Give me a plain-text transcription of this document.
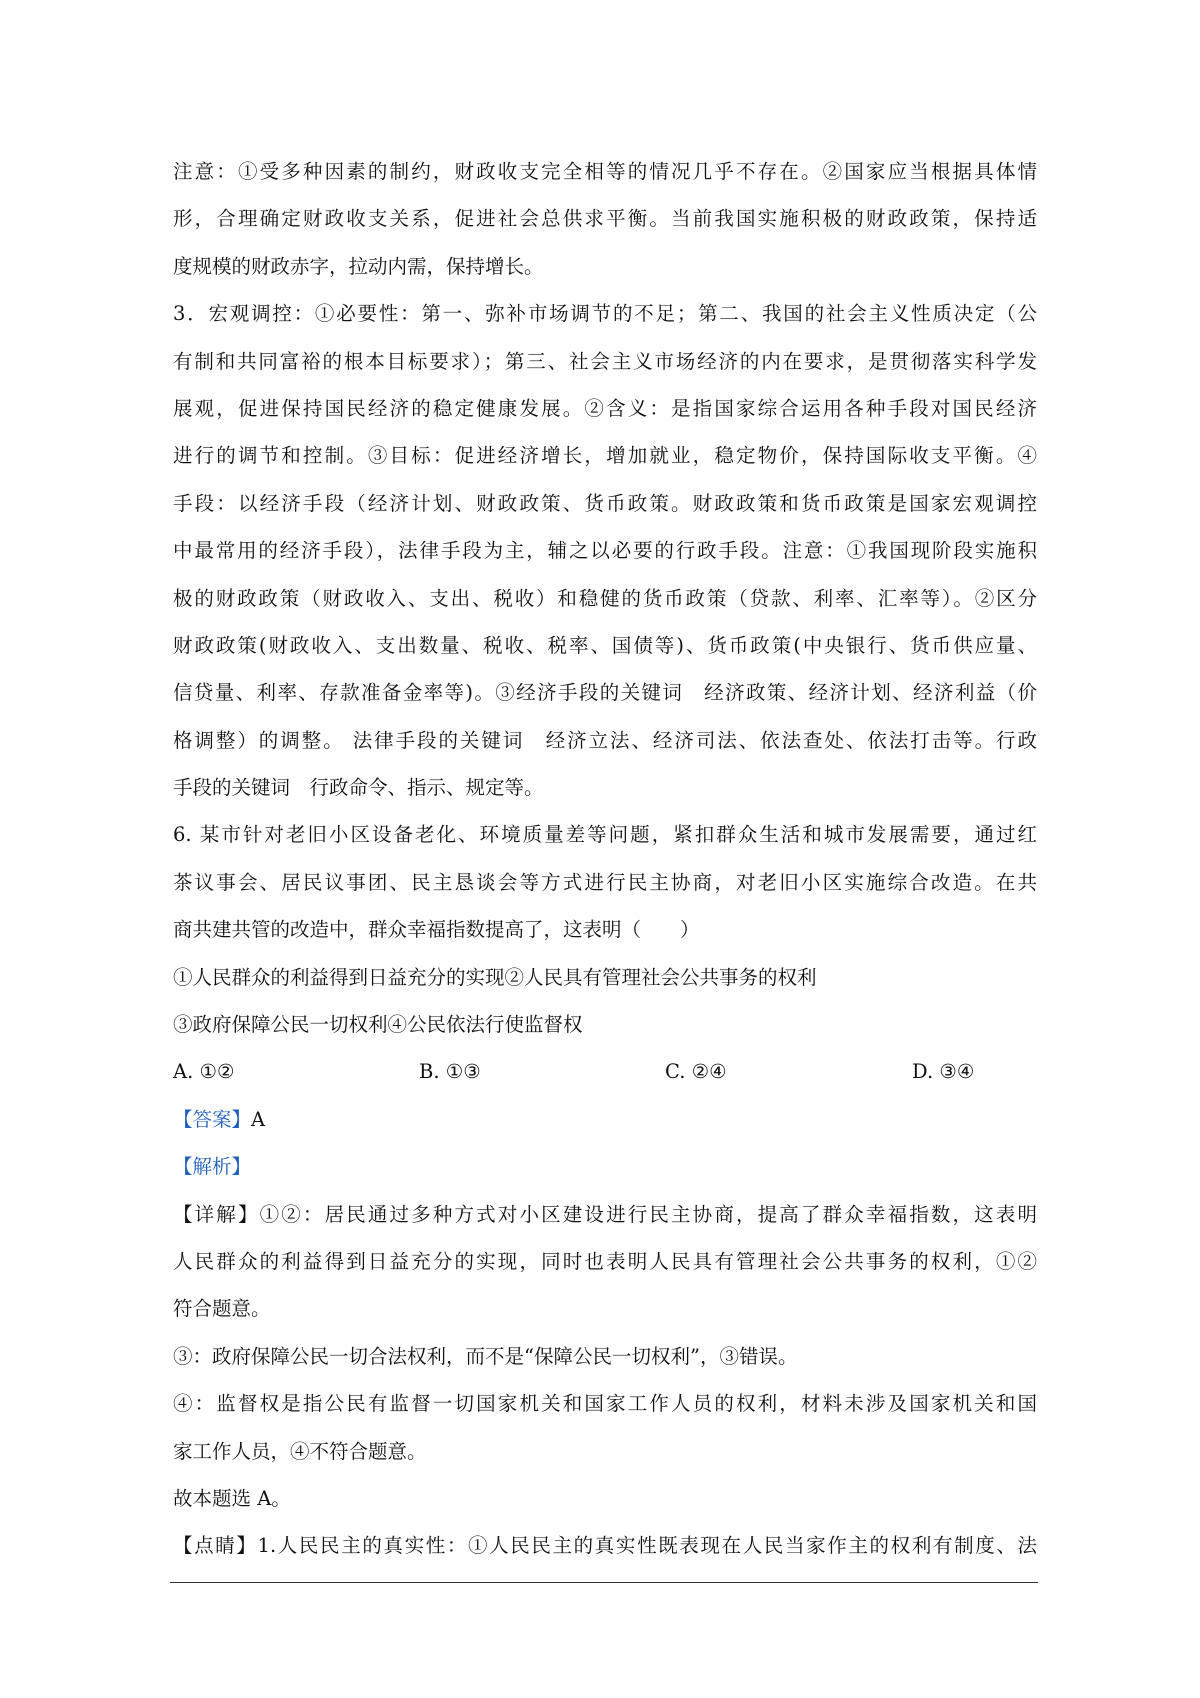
注意：①受多种因素的制约，财政收支完全相等的情况几乎不存在。②国家应当根据具体情
形，合理确定财政收支关系，促进社会总供求平衡。当前我国实施积极的财政政策，保持适
度规模的财政赤字，拉动内需，保持增长。
3．宏观调控：①必要性：第一、弥补市场调节的不足；第二、我国的社会主义性质决定（公
有制和共同富裕的根本目标要求）；第三、社会主义市场经济的内在要求，是贯彻落实科学发
展观，促进保持国民经济的稳定健康发展。②含义：是指国家综合运用各种手段对国民经济
进行的调节和控制。③目标：促进经济增长，增加就业，稳定物价，保持国际收支平衡。④
手段：以经济手段（经济计划、财政政策、货币政策。财政政策和货币政策是国家宏观调控
中最常用的经济手段），法律手段为主，辅之以必要的行政手段。注意：①我国现阶段实施积
极的财政政策（财政收入、支出、税收）和稳健的货币政策（贷款、利率、汇率等）。②区分
财政政策(财政收入、支出数量、税收、税率、国债等)、货币政策(中央银行、货币供应量、
信贷量、利率、存款准备金率等)。③经济手段的关键词　经济政策、经济计划、经济利益（价
格调整）的调整。 法律手段的关键词　经济立法、经济司法、依法查处、依法打击等。行政
手段的关键词　行政命令、指示、规定等。
6. 某市针对老旧小区设备老化、环境质量差等问题，紧扣群众生活和城市发展需要，通过红
茶议事会、居民议事团、民主恳谈会等方式进行民主协商，对老旧小区实施综合改造。在共
商共建共管的改造中，群众幸福指数提高了，这表明（　　）
①人民群众的利益得到日益充分的实现②人民具有管理社会公共事务的权利
③政府保障公民一切权利④公民依法行使监督权
A. ①②	B. ①③	C. ②④	D. ③④
【答案】A
【解析】
【详解】①②：居民通过多种方式对小区建设进行民主协商，提高了群众幸福指数，这表明
人民群众的利益得到日益充分的实现，同时也表明人民具有管理社会公共事务的权利，①②
符合题意。
③：政府保障公民一切合法权利，而不是“保障公民一切权利”，③错误。
④：监督权是指公民有监督一切国家机关和国家工作人员的权利，材料未涉及国家机关和国
家工作人员，④不符合题意。
故本题选 A。
【点睛】1.人民民主的真实性：①人民民主的真实性既表现在人民当家作主的权利有制度、法
